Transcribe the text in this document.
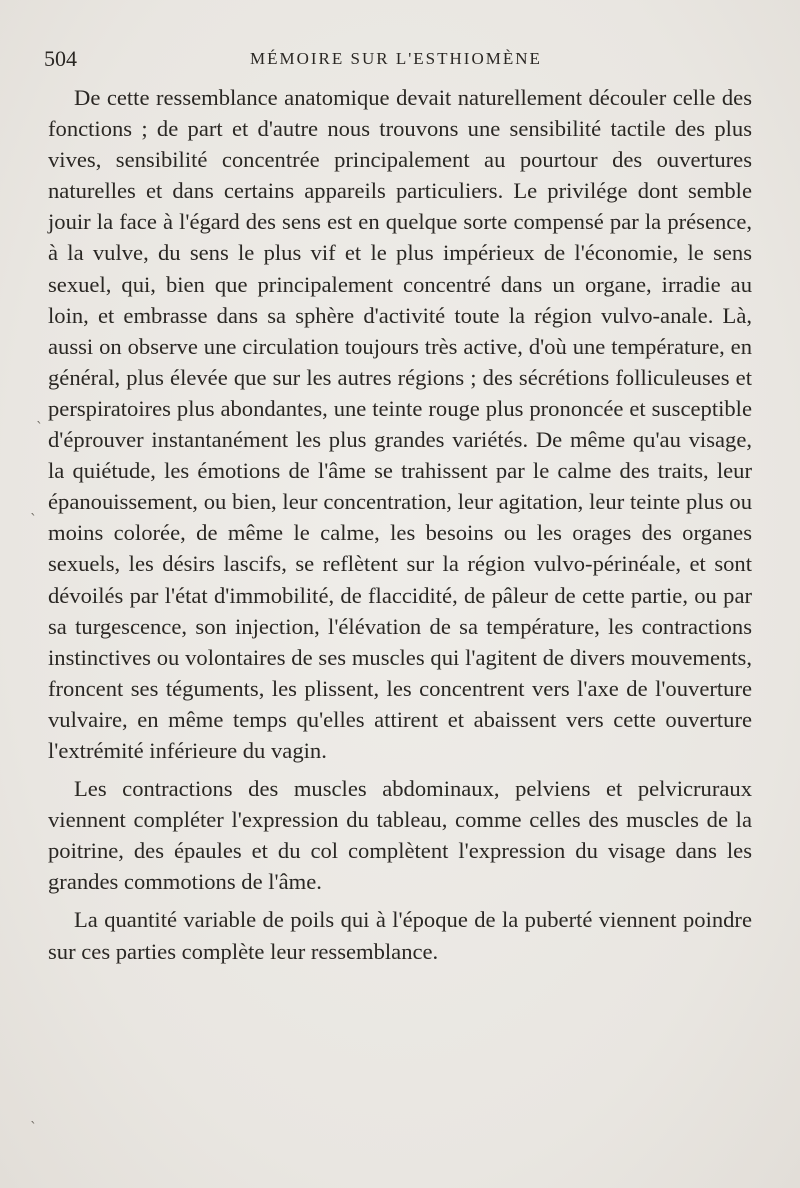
504	MÉMOIRE SUR L'ESTHIOMÈNE

De cette ressemblance anatomique devait naturellement découler celle des fonctions ; de part et d'autre nous trouvons une sensibilité tactile des plus vives, sensibilité concentrée principalement au pourtour des ouvertures naturelles et dans certains appareils particuliers. Le privilége dont semble jouir la face à l'égard des sens est en quelque sorte compensé par la présence, à la vulve, du sens le plus vif et le plus impérieux de l'économie, le sens sexuel, qui, bien que principalement concentré dans un organe, irradie au loin, et embrasse dans sa sphère d'activité toute la région vulvo-anale. Là, aussi on observe une circulation toujours très active, d'où une température, en général, plus élevée que sur les autres régions ; des sécrétions folliculeuses et perspiratoires plus abondantes, une teinte rouge plus prononcée et susceptible d'éprouver instantanément les plus grandes variétés. De même qu'au visage, la quiétude, les émotions de l'âme se trahissent par le calme des traits, leur épanouissement, ou bien, leur concentration, leur agitation, leur teinte plus ou moins colorée, de même le calme, les besoins ou les orages des organes sexuels, les désirs lascifs, se reflètent sur la région vulvo-périnéale, et sont dévoilés par l'état d'immobilité, de flaccidité, de pâleur de cette partie, ou par sa turgescence, son injection, l'élévation de sa température, les contractions instinctives ou volontaires de ses muscles qui l'agitent de divers mouvements, froncent ses téguments, les plissent, les concentrent vers l'axe de l'ouverture vulvaire, en même temps qu'elles attirent et abaissent vers cette ouverture l'extrémité inférieure du vagin.

Les contractions des muscles abdominaux, pelviens et pelvicruraux viennent compléter l'expression du tableau, comme celles des muscles de la poitrine, des épaules et du col complètent l'expression du visage dans les grandes commotions de l'âme.

La quantité variable de poils qui à l'époque de la puberté viennent poindre sur ces parties complète leur ressemblance.

ˎ
ˎ
ˎ
